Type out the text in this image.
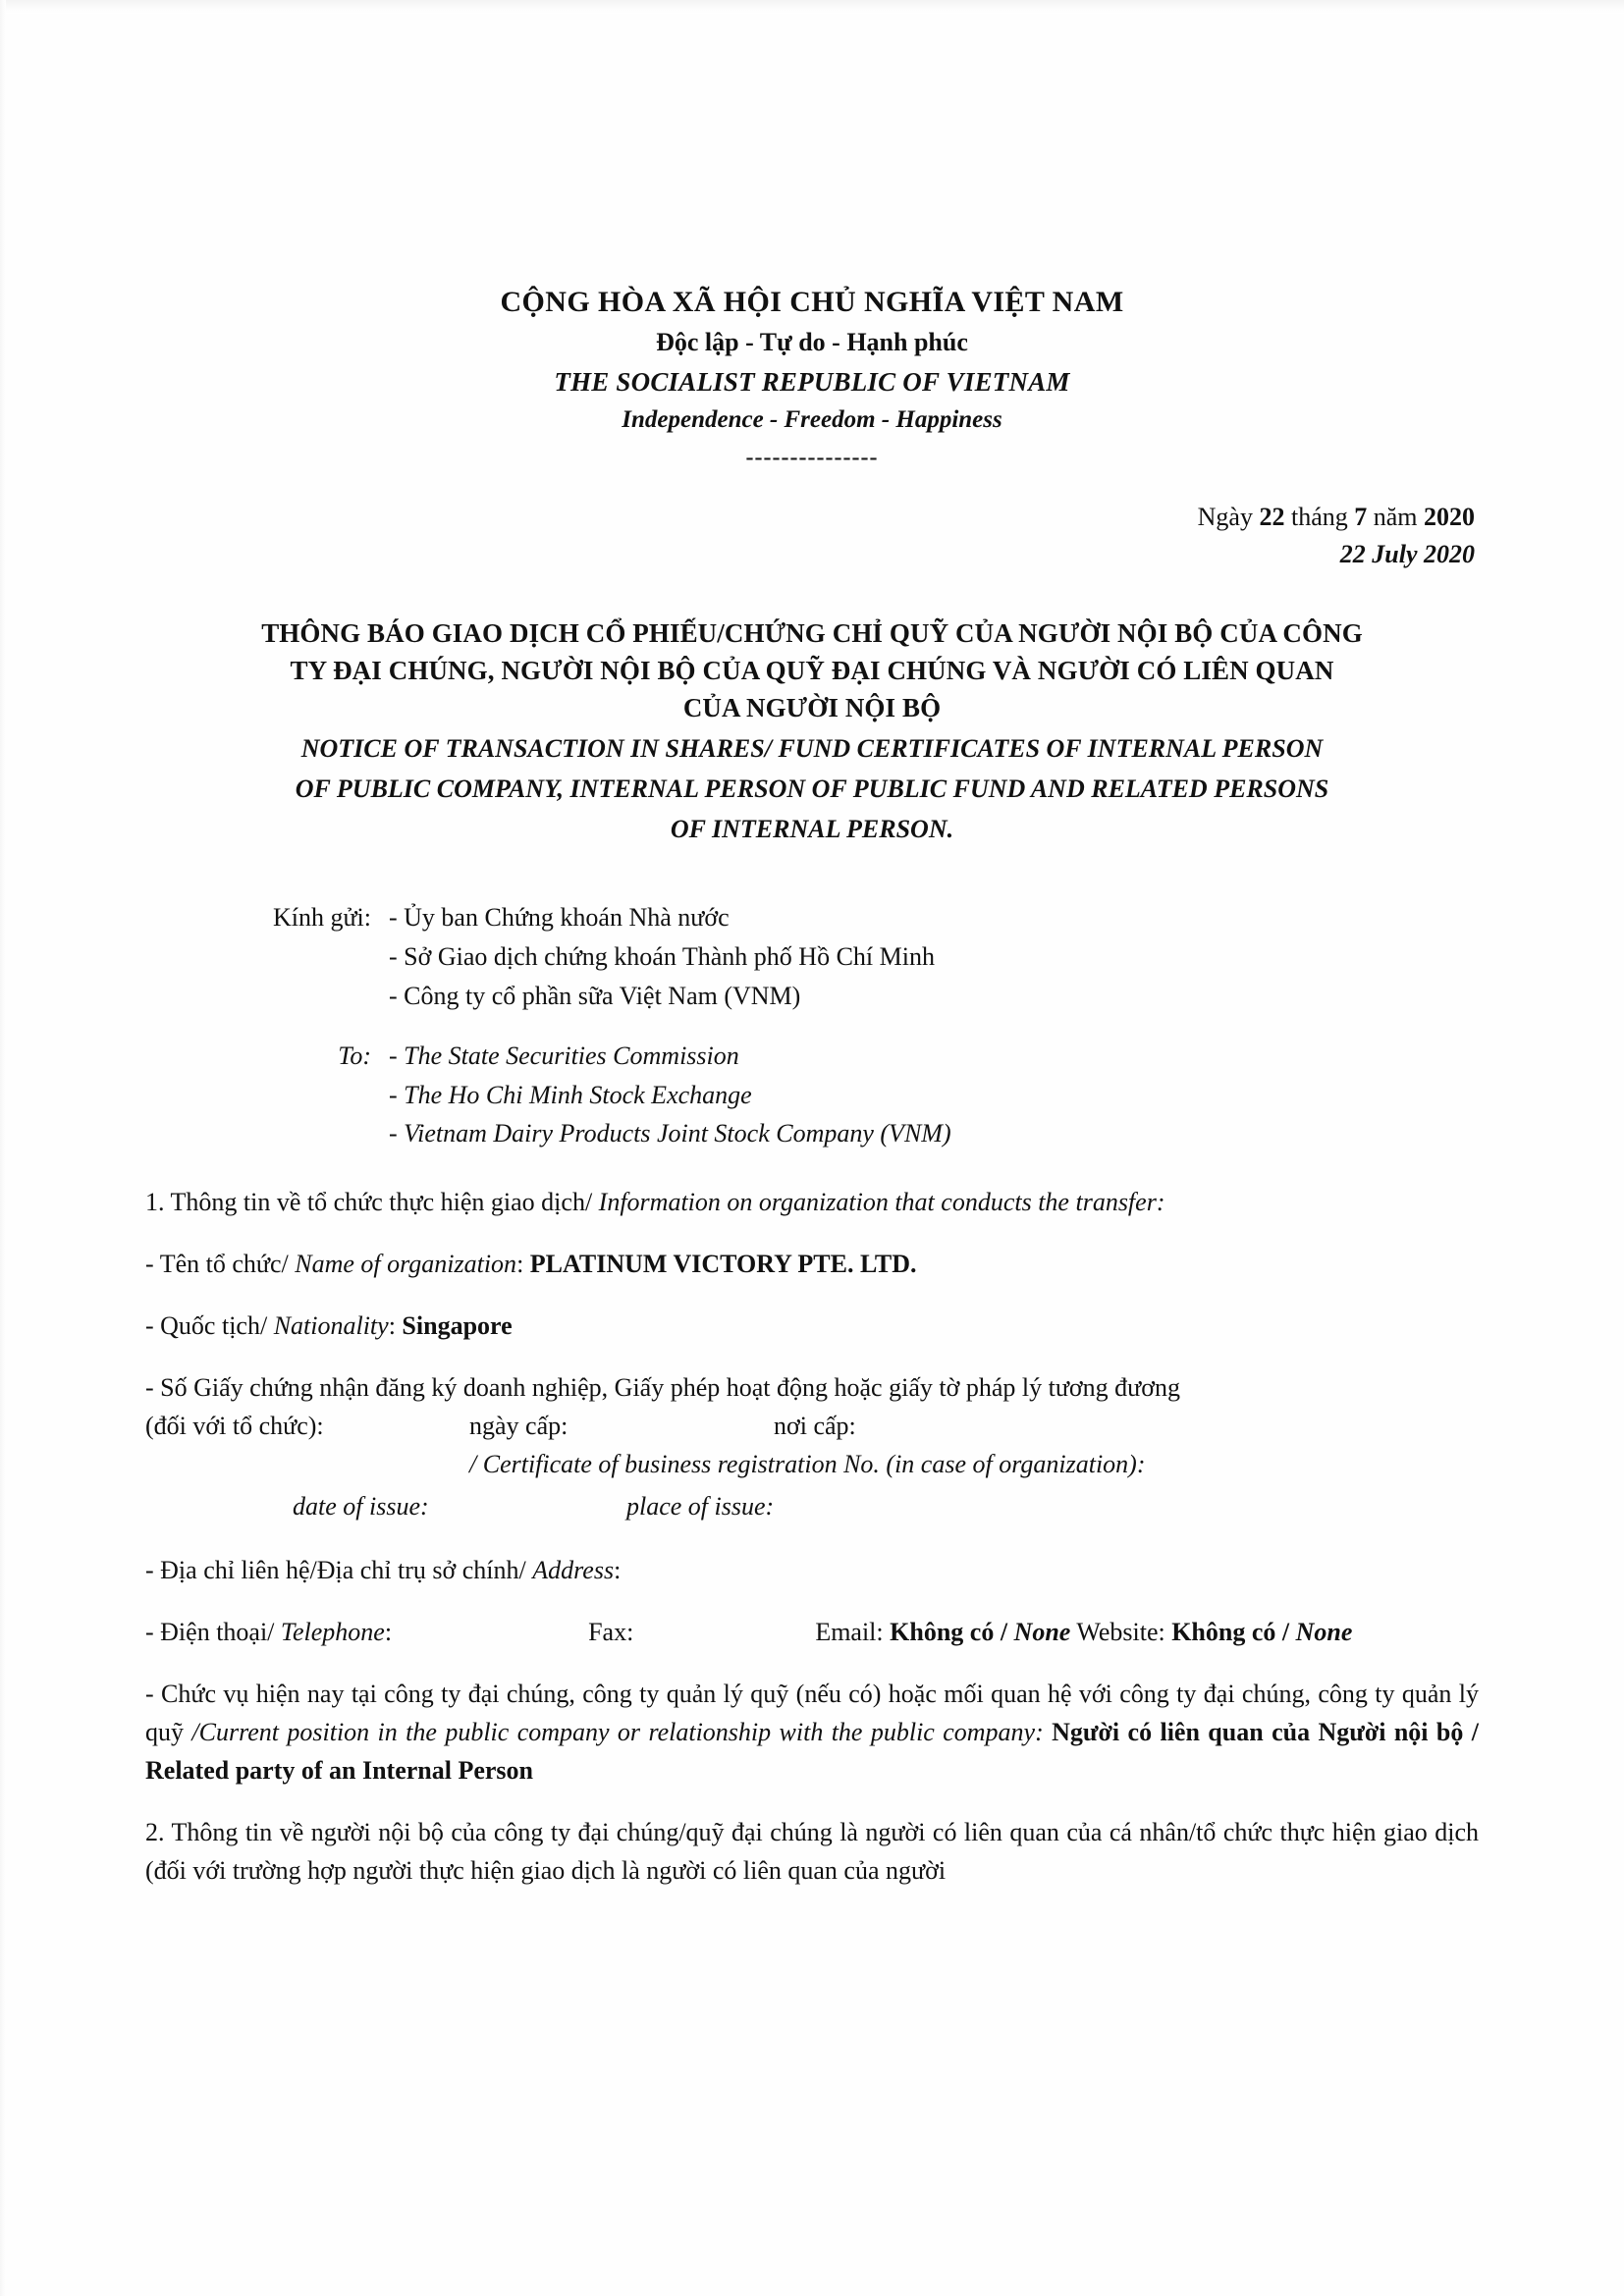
CỘNG HÒA XÃ HỘI CHỦ NGHĨA VIỆT NAM
Độc lập - Tự do - Hạnh phúc
THE SOCIALIST REPUBLIC OF VIETNAM
Independence - Freedom - Happiness
---------------
Ngày 22 tháng 7 năm 2020
22 July 2020
THÔNG BÁO GIAO DỊCH CỔ PHIẾU/CHỨNG CHỈ QUỸ CỦA NGƯỜI NỘI BỘ CỦA CÔNG
TY ĐẠI CHÚNG, NGƯỜI NỘI BỘ CỦA QUỸ ĐẠI CHÚNG VÀ NGƯỜI CÓ LIÊN QUAN
CỦA NGƯỜI NỘI BỘ
NOTICE OF TRANSACTION IN SHARES/ FUND CERTIFICATES OF INTERNAL PERSON
OF PUBLIC COMPANY, INTERNAL PERSON OF PUBLIC FUND AND RELATED PERSONS
OF INTERNAL PERSON.
Kính gửi: - Ủy ban Chứng khoán Nhà nước
- Sở Giao dịch chứng khoán Thành phố Hồ Chí Minh
- Công ty cổ phần sữa Việt Nam (VNM)
To: - The State Securities Commission
- The Ho Chi Minh Stock Exchange
- Vietnam Dairy Products Joint Stock Company (VNM)

1. Thông tin về tổ chức thực hiện giao dịch/ Information on organization that conducts the transfer:

- Tên tổ chức/ Name of organization: PLATINUM VICTORY PTE. LTD.

- Quốc tịch/ Nationality: Singapore

- Số Giấy chứng nhận đăng ký doanh nghiệp, Giấy phép hoạt động hoặc giấy tờ pháp lý tương đương
(đối với tổ chức):	ngày cấp:	nơi cấp:
/ Certificate of business registration No. (in case of organization):
date of issue:	place of issue:

- Địa chỉ liên hệ/Địa chỉ trụ sở chính/ Address:

- Điện thoại/ Telephone:	Fax:	Email: Không có / None Website: Không có / None

- Chức vụ hiện nay tại công ty đại chúng, công ty quản lý quỹ (nếu có) hoặc mối quan hệ với công ty đại chúng, công ty quản lý quỹ /Current position in the public company or relationship with the public company: Người có liên quan của Người nội bộ / Related party of an Internal Person

2. Thông tin về người nội bộ của công ty đại chúng/quỹ đại chúng là người có liên quan của cá nhân/tổ chức thực hiện giao dịch (đối với trường hợp người thực hiện giao dịch là người có liên quan của người
